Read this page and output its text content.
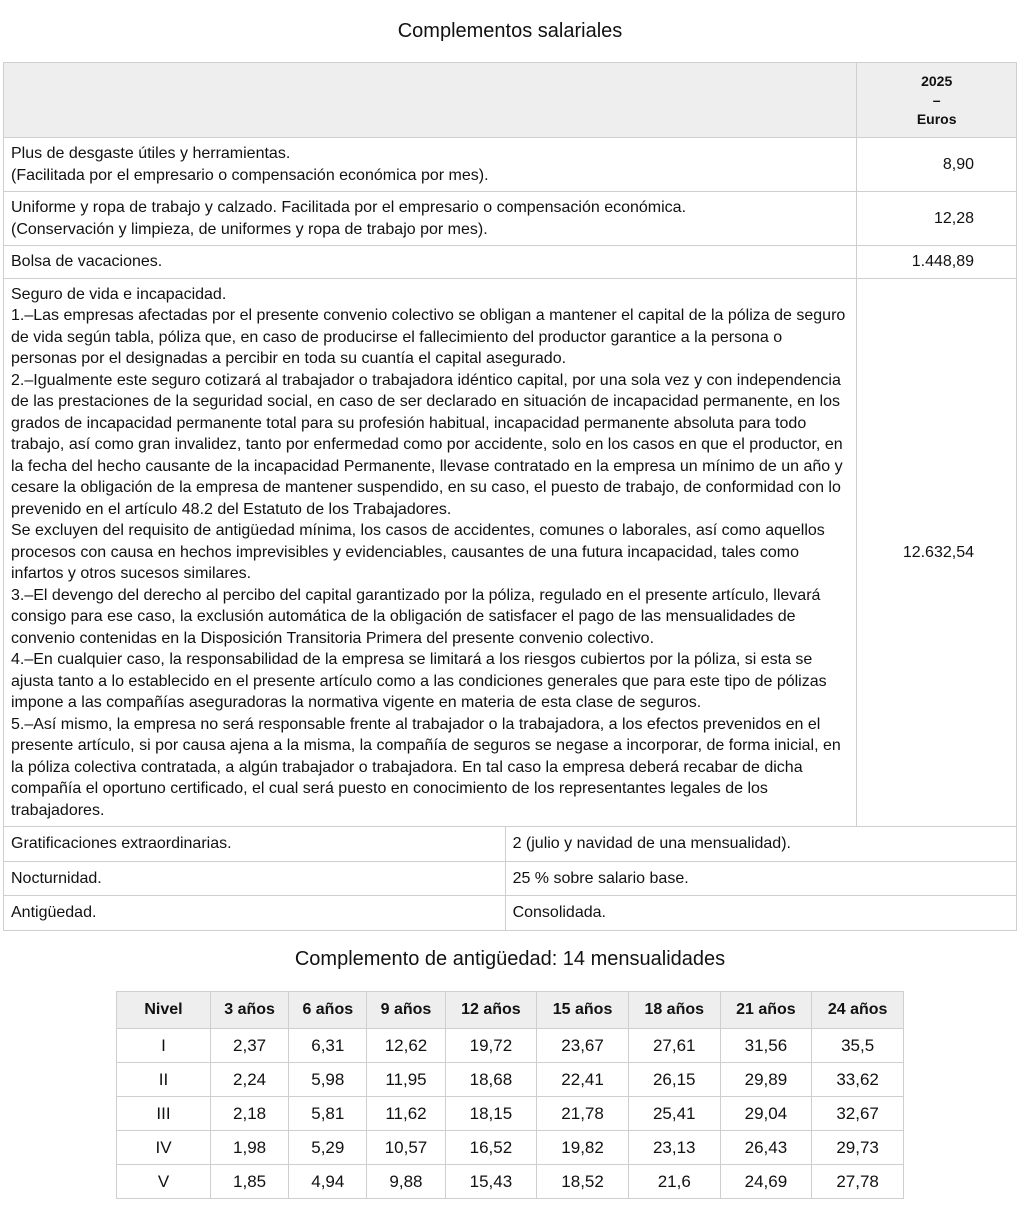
Complementos salariales

		2025
–
Euros

Plus de desgaste útiles y herramientas.
(Facilitada por el empresario o compensación económica por mes).		8,90

Uniforme y ropa de trabajo y calzado. Facilitada por el empresario o compensación económica.
(Conservación y limpieza, de uniformes y ropa de trabajo por mes).		12,28
Bolsa de vacaciones.		1.448,89

Seguro de vida e incapacidad.
1.–Las empresas afectadas por el presente convenio colectivo se obligan a mantener el capital de la póliza de seguro de vida según tabla, póliza que, en caso de producirse el fallecimiento del productor garantice a la persona o personas por el designadas a percibir en toda su cuantía el capital asegurado.
2.–Igualmente este seguro cotizará al trabajador o trabajadora idéntico capital, por una sola vez y con independencia de las prestaciones de la seguridad social, en caso de ser declarado en situación de incapacidad permanente, en los grados de incapacidad permanente total para su profesión habitual, incapacidad permanente absoluta para todo trabajo, así como gran invalidez, tanto por enfermedad como por accidente, solo en los casos en que el productor, en la fecha del hecho causante de la incapacidad Permanente, llevase contratado en la empresa un mínimo de un año y cesare la obligación de la empresa de mantener suspendido, en su caso, el puesto de trabajo, de conformidad con lo prevenido en el artículo 48.2 del Estatuto de los Trabajadores.
Se excluyen del requisito de antigüedad mínima, los casos de accidentes, comunes o laborales, así como aquellos procesos con causa en hechos imprevisibles y evidenciables, causantes de una futura incapacidad, tales como infartos y otros sucesos similares.
3.–El devengo del derecho al percibo del capital garantizado por la póliza, regulado en el presente artículo, llevará consigo para ese caso, la exclusión automática de la obligación de satisfacer el pago de las mensualidades de convenio contenidas en la Disposición Transitoria Primera del presente convenio colectivo.
4.–En cualquier caso, la responsabilidad de la empresa se limitará a los riesgos cubiertos por la póliza, si esta se ajusta tanto a lo establecido en el presente artículo como a las condiciones generales que para este tipo de pólizas impone a las compañías aseguradoras la normativa vigente en materia de esta clase de seguros.
5.–Así mismo, la empresa no será responsable frente al trabajador o la trabajadora, a los efectos prevenidos en el presente artículo, si por causa ajena a la misma, la compañía de seguros se negase a incorporar, de forma inicial, en la póliza colectiva contratada, a algún trabajador o trabajadora. En tal caso la empresa deberá recabar de dicha compañía el oportuno certificado, el cual será puesto en conocimiento de los representantes legales de los trabajadores.
	12.632,54
Gratificaciones extraordinarias.	2 (julio y navidad de una mensualidad).	
Nocturnidad.	25 % sobre salario base.	
Antigüedad.	Consolidada.	
Complemento de antigüedad: 14 mensualidades
Nivel	3 años	6 años	9 años	12 años	15 años	18 años	21 años	24 años
I	2,37	6,31	12,62	19,72	23,67	27,61	31,56	35,5
II	2,24	5,98	11,95	18,68	22,41	26,15	29,89	33,62
III	2,18	5,81	11,62	18,15	21,78	25,41	29,04	32,67
IV	1,98	5,29	10,57	16,52	19,82	23,13	26,43	29,73
V	1,85	4,94	9,88	15,43	18,52	21,6	24,69	27,78
